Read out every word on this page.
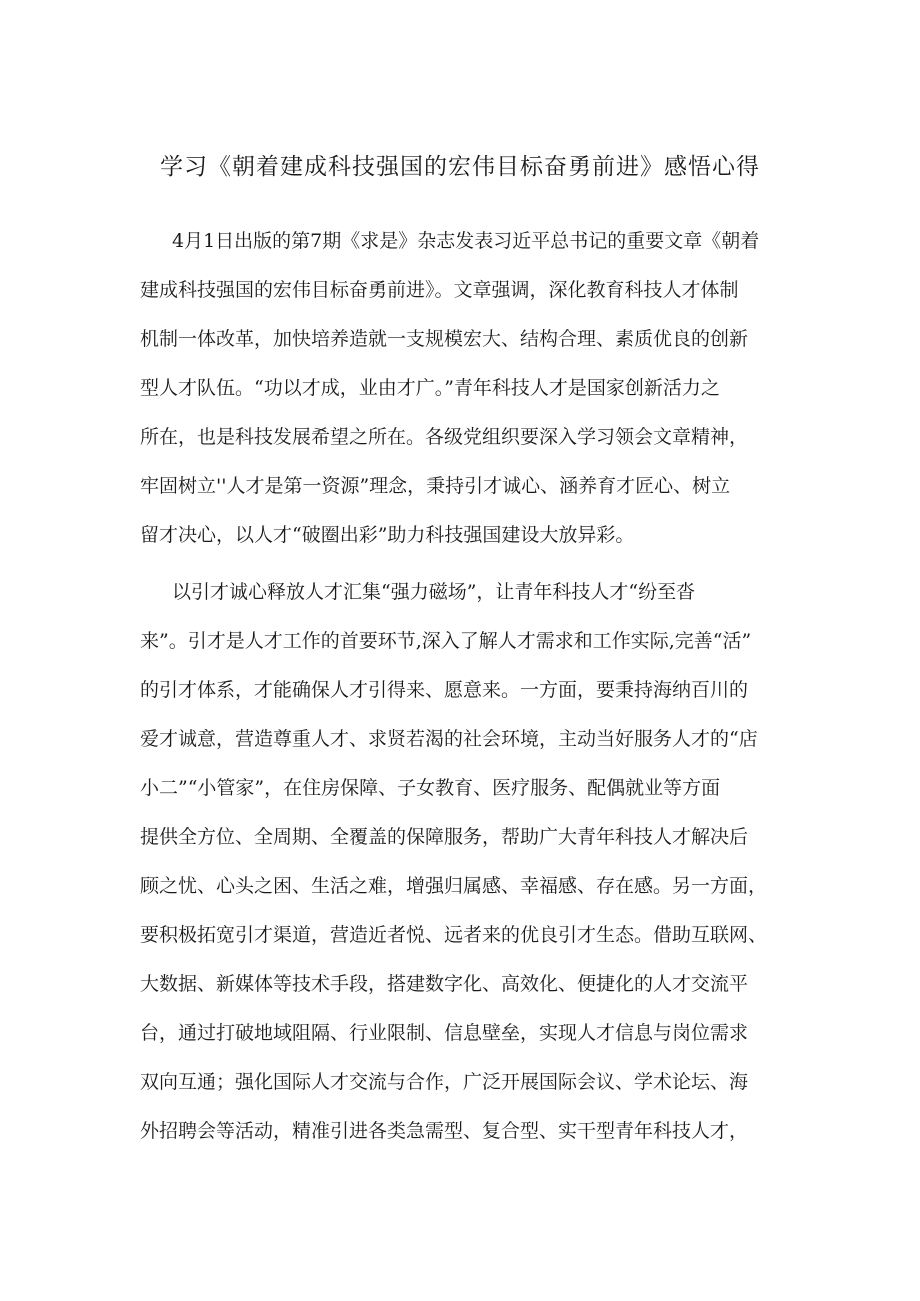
学习《朝着建成科技强国的宏伟目标奋勇前进》感悟心得
4月1日出版的第7期《求是》杂志发表习近平总书记的重要文章《朝着
建成科技强国的宏伟目标奋勇前进》。文章强调，深化教育科技人才体制
机制一体改革，加快培养造就一支规模宏大、结构合理、素质优良的创新
型人才队伍。“功以才成，业由才广。”青年科技人才是国家创新活力之
所在，也是科技发展希望之所在。各级党组织要深入学习领会文章精神，
牢固树立''人才是第一资源”理念，秉持引才诚心、涵养育才匠心、树立
留才决心，以人才“破圈出彩”助力科技强国建设大放异彩。
以引才诚心释放人才汇集“强力磁场”，让青年科技人才“纷至沓
来”。引才是人才工作的首要环节,深入了解人才需求和工作实际,完善“活”
的引才体系，才能确保人才引得来、愿意来。一方面，要秉持海纳百川的
爱才诚意，营造尊重人才、求贤若渴的社会环境，主动当好服务人才的“店
小二”“小管家”，在住房保障、子女教育、医疗服务、配偶就业等方面
提供全方位、全周期、全覆盖的保障服务，帮助广大青年科技人才解决后
顾之忧、心头之困、生活之难，增强归属感、幸福感、存在感。另一方面，
要积极拓宽引才渠道，营造近者悦、远者来的优良引才生态。借助互联网、
大数据、新媒体等技术手段，搭建数字化、高效化、便捷化的人才交流平
台，通过打破地域阻隔、行业限制、信息壁垒，实现人才信息与岗位需求
双向互通；强化国际人才交流与合作，广泛开展国际会议、学术论坛、海
外招聘会等活动，精准引进各类急需型、复合型、实干型青年科技人才，
